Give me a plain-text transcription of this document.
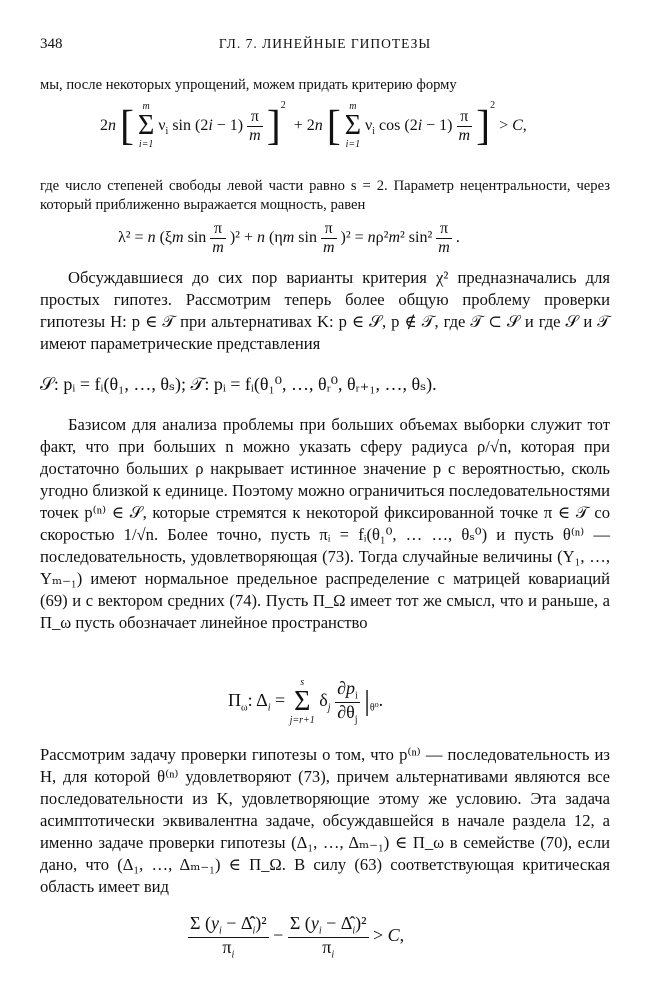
348	ГЛ. 7. ЛИНЕЙНЫЕ ГИПОТЕЗЫ
мы, после некоторых упрощений, можем придать критерию форму
2n [ m
Σ
i=1
$\nu_i$ $\sin (2i - 1) \frac{\pi}{m} ]^2 + 2n$ [ m
Σ
i=1
$\nu_i$ $\cos (2i - 1) \frac{\pi}{m} ]^2 > C$,
где число степеней свободы левой части равно s = 2. Параметр нецентральности, через который приближенно выражается мощность, равен
λ² = n (ξm $\sin \frac{\pi}{m} )^2 + n$ (ηm $\sin \frac{\pi}{m} )^2 = n\rho^2m^2$ $\sin^2 \frac{\pi}{m}$ .
Обсуждавшиеся до сих пор варианты критерия χ² предназначались для простых гипотез. Рассмотрим теперь более общую проблему проверки гипотезы H: p ∈ 𝒯 при альтернативах K: p ∈ 𝒮, p ∉ 𝒯, где 𝒯 ⊂ 𝒮 и где 𝒮 и 𝒯 имеют параметрические представления
𝒮: pᵢ = fᵢ(θ₁, …, θₛ); 𝒯: pᵢ = fᵢ(θ₁⁰, …, θᵣ⁰, θᵣ₊₁, …, θₛ).
Базисом для анализа проблемы при больших объемах выборки служит тот факт, что при больших n можно указать сферу радиуса ρ/√n, которая при достаточно больших ρ накрывает истинное значение p с вероятностью, сколь угодно близкой к единице. Поэтому можно ограничиться последовательностями точек p⁽ⁿ⁾ ∈ 𝒮, которые стремятся к некоторой фиксированной точке π ∈ 𝒯 со скоростью 1/√n. Более точно, пусть πᵢ = fᵢ(θ₁⁰, … …, θₛ⁰) и пусть θ⁽ⁿ⁾ — последовательность, удовлетворяющая (73). Тогда случайные величины (Y₁, …, Yₘ₋₁) имеют нормальное предельное распределение с матрицей ковариаций (69) и с вектором средних (74). Пусть Π_Ω имеет тот же смысл, что и раньше, а Π_ω пусть обозначает линейное пространство
$\Pi_\omega$: $\Delta_i$ =
s
Σ
j=r+1
$\delta_j \frac{\partial p_i}{\partial\theta_j} |_{\theta^0}$.
Рассмотрим задачу проверки гипотезы о том, что p⁽ⁿ⁾ — последовательность из H, для которой θ⁽ⁿ⁾ удовлетворяют (73), причем альтернативами являются все последовательности из K, удовлетворяющие этому же условию. Эта задача асимптотически эквивалентна задаче, обсуждавшейся в начале раздела 12, а именно задаче проверки гипотезы (Δ₁, …, Δₘ₋₁) ∈ Π_ω в семействе (70), если дано, что (Δ₁, …, Δₘ₋₁) ∈ Π_Ω. В силу (63) соответствующая критическая область имеет вид
$\frac{\Sigma (y_i - \Deltâ̂_i)^2}{\pi_i} - \frac{\Sigma (y_i - \Deltâ_i)^2}{\pi_i} > C$,
